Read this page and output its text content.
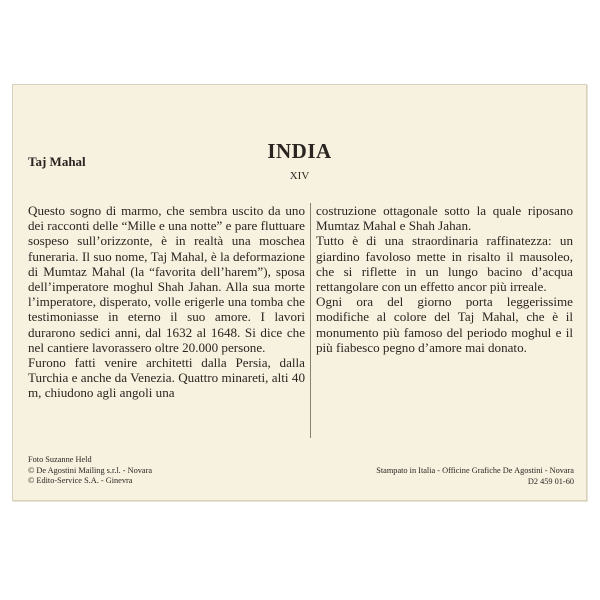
Taj Mahal	INDIA
XIV

Questo sogno di marmo, che sembra uscito da uno dei racconti delle “Mille e una notte” e pare fluttuare sospeso sull’orizzonte, è in realtà una moschea funeraria. Il suo nome, Taj Mahal, è la deformazione di Mumtaz Mahal (la “favorita dell’harem”), sposa dell’imperatore moghul Shah Jahan. Alla sua morte l’imperatore, disperato, volle erigerle una tomba che testimoniasse in eterno il suo amore. I lavori durarono sedici anni, dal 1632 al 1648. Si dice che nel cantiere lavorassero oltre 20.000 persone.

Furono fatti venire architetti dalla Persia, dalla Turchia e anche da Venezia. Quattro minareti, alti 40 m, chiudono agli angoli una

costruzione ottagonale sotto la quale riposano Mumtaz Mahal e Shah Jahan.

Tutto è di una straordinaria raffinatezza: un giardino favoloso mette in risalto il mausoleo, che si riflette in un lungo bacino d’acqua rettangolare con un effetto ancor più irreale.

Ogni ora del giorno porta leggerissime modifiche al colore del Taj Mahal, che è il monumento più famoso del periodo moghul e il più fiabesco pegno d’amore mai donato.

Foto Suzanne Held
© De Agostini Mailing s.r.l. - Novara
© Edito-Service S.A. - Ginevra
Stampato in Italia - Officine Grafiche De Agostini - Novara
D2 459 01-60
